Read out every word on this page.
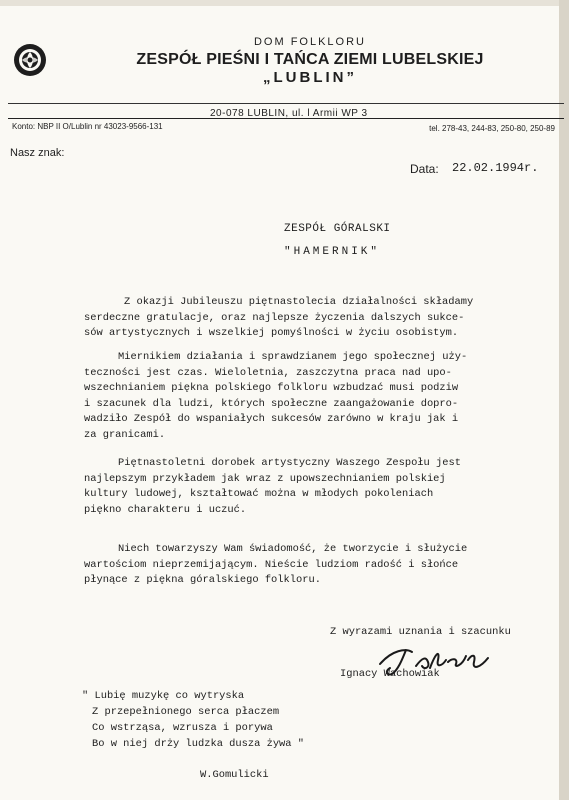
DOM FOLKLORU
ZESPÓŁ PIEŚNI I TAŃCA ZIEMI LUBELSKIEJ
„LUBLIN”
20-078 LUBLIN, ul. l Armii WP 3
Konto: NBP II O/Lublin nr 43023-9566-131	tel. 278-43, 244-83, 250-80, 250-89
Nasz znak:
Data: 22.02.1994r.
ZESPÓŁ GÓRALSKI
"HAMERNIK"
Z okazji Jubileuszu piętnastolecia działalności składamy
serdeczne gratulacje, oraz najlepsze życzenia dalszych sukce-
sów artystycznych i wszelkiej pomyślności w życiu osobistym.
Miernikiem działania i sprawdzianem jego społecznej uży-
teczności jest czas. Wieloletnia, zaszczytna praca nad upo-
wszechnianiem piękna polskiego folkloru wzbudzać musi podziw
i szacunek dla ludzi, których społeczne zaangażowanie dopro-
wadziło Zespół do wspaniałych sukcesów zarówno w kraju jak i
za granicami.
Piętnastoletni dorobek artystyczny Waszego Zespołu jest
najlepszym przykładem jak wraz z upowszechnianiem polskiej
kultury ludowej, kształtować można w młodych pokoleniach
piękno charakteru i uczuć.
Niech towarzyszy Wam świadomość, że tworzycie i służycie
wartościom nieprzemijającym. Nieście ludziom radość i słońce
płynące z piękna góralskiego folkloru.
Z wyrazami uznania i szacunku
Ignacy Wachowiak
" Lubię muzykę co wytryska
Z przepełnionego serca płaczem
Co wstrząsa, wzrusza i porywa
Bo w niej drży ludzka dusza żywa "
W.Gomulicki
